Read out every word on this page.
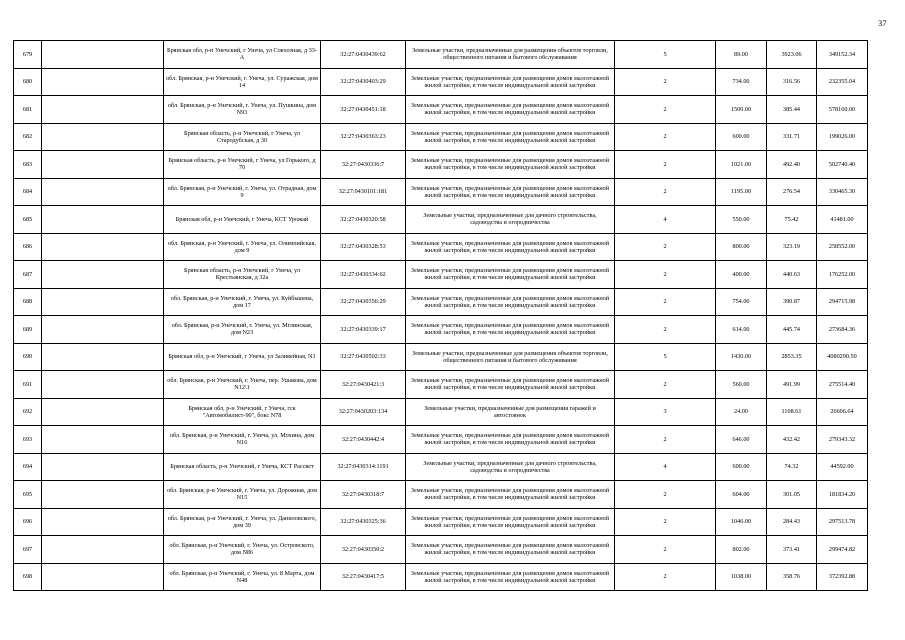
37
679		Брянская обл, р-н Унечский, г Унеча, ул Совхозная, д 33-А	32:27:0430439:62	Земельные участки, предназначенные для размещения объектов торговли, общественного питания и бытового обслуживания	5	89.00	3923.06	349152.34
680		обл. Брянская, р-н Унечский, г. Унеча, ул. Суражская, дом 14	32:27:0430403:29	Земельные участки, предназначенные для размещения домов малоэтажной жилой застройки, в том числе индивидуальной жилой застройки	2	734.00	316.56	232355.04
681		обл. Брянская, р-н Унечский, г. Унеча, ул. Пушкина, дом N93	32:27:0430451:18	Земельные участки, предназначенные для размещения домов малоэтажной жилой застройки, в том числе индивидуальной жилой застройки	2	1500.00	385.44	578160.00
682		Брянская область, р-н Унечский, г Унеча, ул Стародубская, д 30	32:27:0430363:23	Земельные участки, предназначенные для размещения домов малоэтажной жилой застройки, в том числе индивидуальной жилой застройки	2	600.00	331.71	199026.00
683		Брянская область, р-н Унечский, г Унеча, ул Горького, д 70	32:27:0430336:7	Земельные участки, предназначенные для размещения домов малоэтажной жилой застройки, в том числе индивидуальной жилой застройки	2	1021.00	492.40	502740.40
684		обл. Брянская, р-н Унечский, г. Унеча, ул. Отрадная, дом 9	32:27:0430101:181	Земельные участки, предназначенные для размещения домов малоэтажной жилой застройки, в том числе индивидуальной жилой застройки	2	1195.00	276.54	330465.30
685		Брянская обл, р-н Унечский, г Унеча, КСТ Урожай	32:27:0430320:58	Земельные участки, предназначенные для дачного строительства, садоводства и огородничества	4	550.00	75.42	41481.00
686		обл. Брянская, р-н Унечский, г. Унеча, ул. Олимпийская, дом 9	32:27:0430328:53	Земельные участки, предназначенные для размещения домов малоэтажной жилой застройки, в том числе индивидуальной жилой застройки	2	800.00	323.19	258552.00
687		Брянская область, р-н Унечский, г Унеча, ул Крестьянская, д 32а	32:27:0430334:62	Земельные участки, предназначенные для размещения домов малоэтажной жилой застройки, в том числе индивидуальной жилой застройки	2	400.00	440.63	176252.00
688		обл. Брянская, р-н Унечский, г. Унеча, ул. Куйбышева, дом 17	32:27:0430356:29	Земельные участки, предназначенные для размещения домов малоэтажной жилой застройки, в том числе индивидуальной жилой застройки	2	754.00	390.87	294715.98
689		обл. Брянская, р-н Унечский, г. Унеча, ул. Мглинская, дом N23	32:27:0430339:17	Земельные участки, предназначенные для размещения домов малоэтажной жилой застройки, в том числе индивидуальной жилой застройки	2	614.00	445.74	273684.36
690		Брянская обл, р-н Унечский, г Унеча, ул Заливейная, N1	32:27:0430502:33	Земельные участки, предназначенные для размещения объектов торговли, общественного питания и бытового обслуживания	5	1430.00	2853.35	4080290.50
691		обл. Брянская, р-н Унечский, г. Унеча, пер. Ушакова, дом N12\1	32:27:0430421:3	Земельные участки, предназначенные для размещения домов малоэтажной жилой застройки, в том числе индивидуальной жилой застройки	2	560.00	491.99	275514.40
692		Брянская обл, р-н Унечский, г Унеча, гск "Автомобилист-90", бокс N78	32:27:0430203:134	Земельные участки, предназначенные для размещения гаражей и автостоянок	3	24.00	1108.61	26606.64
693		обл. Брянская, р-н Унечский, г. Унеча, ул. Мохина, дом N16	32:27:0430442:4	Земельные участки, предназначенные для размещения домов малоэтажной жилой застройки, в том числе индивидуальной жилой застройки	2	646.00	432.42	279343.32
694		Брянская область, р-н Унечский, г Унеча, КСТ Рассвет	32:27:0430314:1191	Земельные участки, предназначенные для дачного строительства, садоводства и огородничества	4	600.00	74.32	44592.00
695		обл. Брянская, р-н Унечский, г. Унеча, ул. Дорожная, дом N15	32:27:0430318:7	Земельные участки, предназначенные для размещения домов малоэтажной жилой застройки, в том числе индивидуальной жилой застройки	2	604.00	301.05	181834.20
696		обл. Брянская, р-н Унечский, г. Унеча, ул. Даниловского, дом 39	32:27:0430325:36	Земельные участки, предназначенные для размещения домов малоэтажной жилой застройки, в том числе индивидуальной жилой застройки	2	1046.00	284.43	297513.78
697		обл. Брянская, р-н Унечский, г. Унеча, ул. Островского, дом N86	32:27:0430350:2	Земельные участки, предназначенные для размещения домов малоэтажной жилой застройки, в том числе индивидуальной жилой застройки	2	802.00	373.41	299474.82
698		обл. Брянская, р-н Унечский, г. Унеча, ул. 8 Марта, дом N48	32:27:0430417:5	Земельные участки, предназначенные для размещения домов малоэтажной жилой застройки, в том числе индивидуальной жилой застройки	2	1038.00	358.76	372392.88
